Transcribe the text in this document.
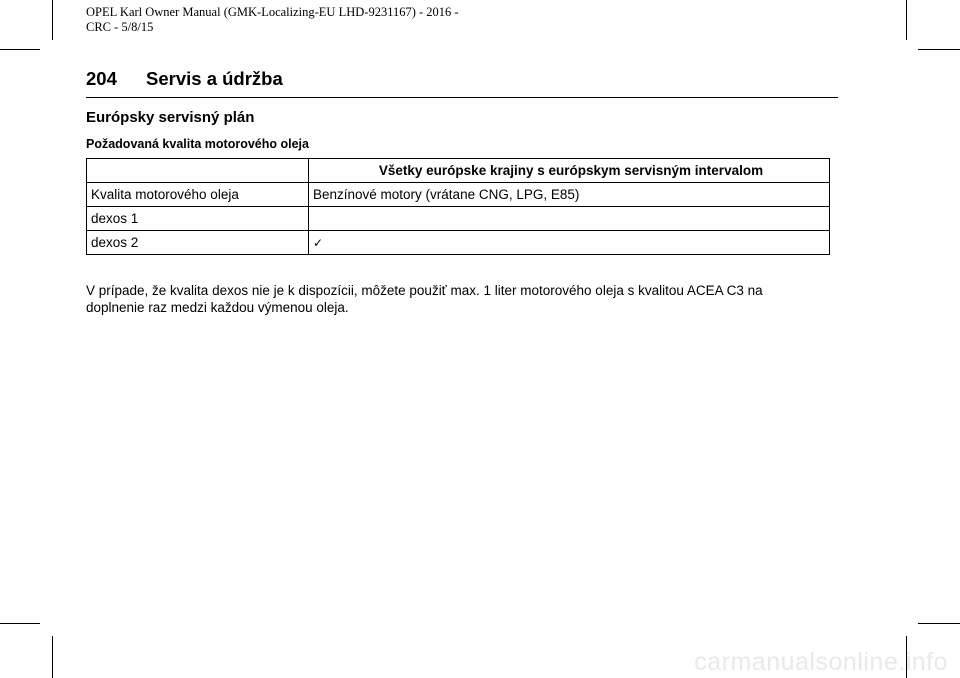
OPEL Karl Owner Manual (GMK-Localizing-EU LHD-9231167) - 2016 -
CRC - 5/8/15
204 Servis a údržba
Európsky servisný plán
Požadovaná kvalita motorového oleja
	Všetky európske krajiny s európskym servisným intervalom
Kvalita motorového oleja	Benzínové motory (vrátane CNG, LPG, E85)
dexos 1	
dexos 2	✓
V prípade, že kvalita dexos nie je k dispozícii, môžete použiť max. 1 liter motorového oleja s kvalitou ACEA C3 na
doplnenie raz medzi každou výmenou oleja.
carmanualsonline.info
